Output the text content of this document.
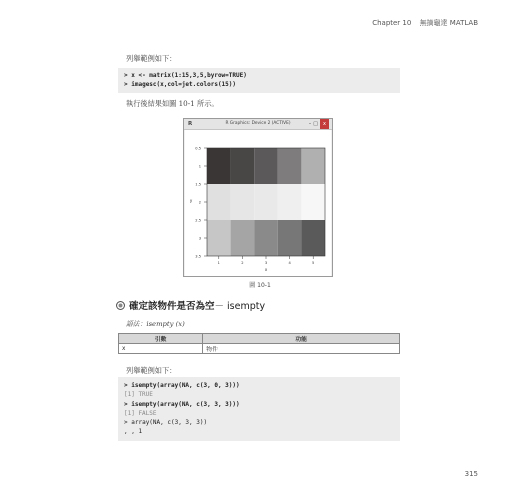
Chapter 10 無摘龜達 MATLAB
列舉範例如下：
> x <- matrix(1:15,3,5,byrow=TRUE)
> imagesc(x,col=jet.colors(15))
執行後結果如圖 10-1 所示。
R	R Graphics: Device 2 (ACTIVE)	–□ x
0.5
1
1.5
2
2.5
3
3.5
1	2	3	4	5
x
y
圖 10-1
確定該物件是否為空－ isempty
語法：isempty (x)
引數	功能
x	物件
列舉範例如下：
> isempty(array(NA, c(3, 0, 3)))
[1] TRUE
> isempty(array(NA, c(3, 3, 3)))
[1] FALSE
> array(NA, c(3, 3, 3))
, , 1
315
